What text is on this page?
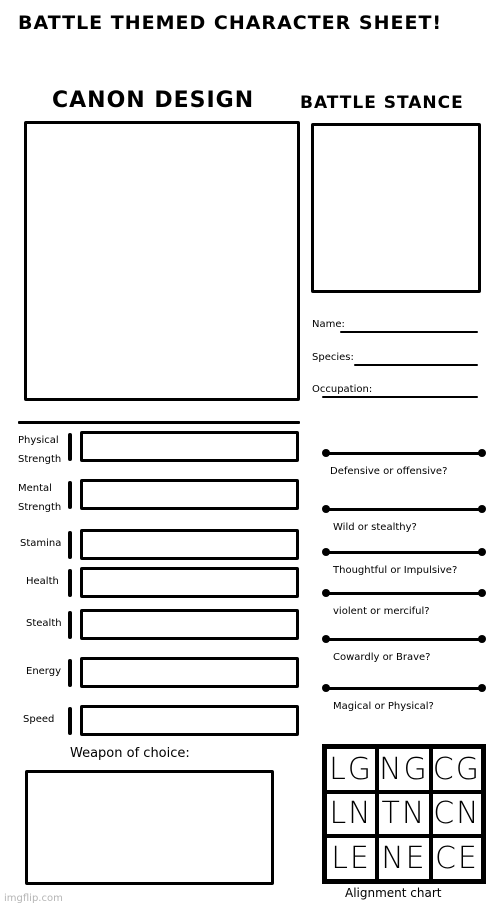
BATTLE THEMED CHARACTER SHEET!
CANON DESIGN	BATTLE STANCE
Name:
Species:
Occupation:
Physical
Strength
Mental
Strength
Stamina
Health
Stealth
Energy
Speed
Defensive or offensive?
Wild or stealthy?
Thoughtful or Impulsive?
violent or merciful?
Cowardly or Brave?
Magical or Physical?
Weapon of choice:	LG NG CG
LN TN CN
LE NE CE
Alignment chart
imgflip.com
